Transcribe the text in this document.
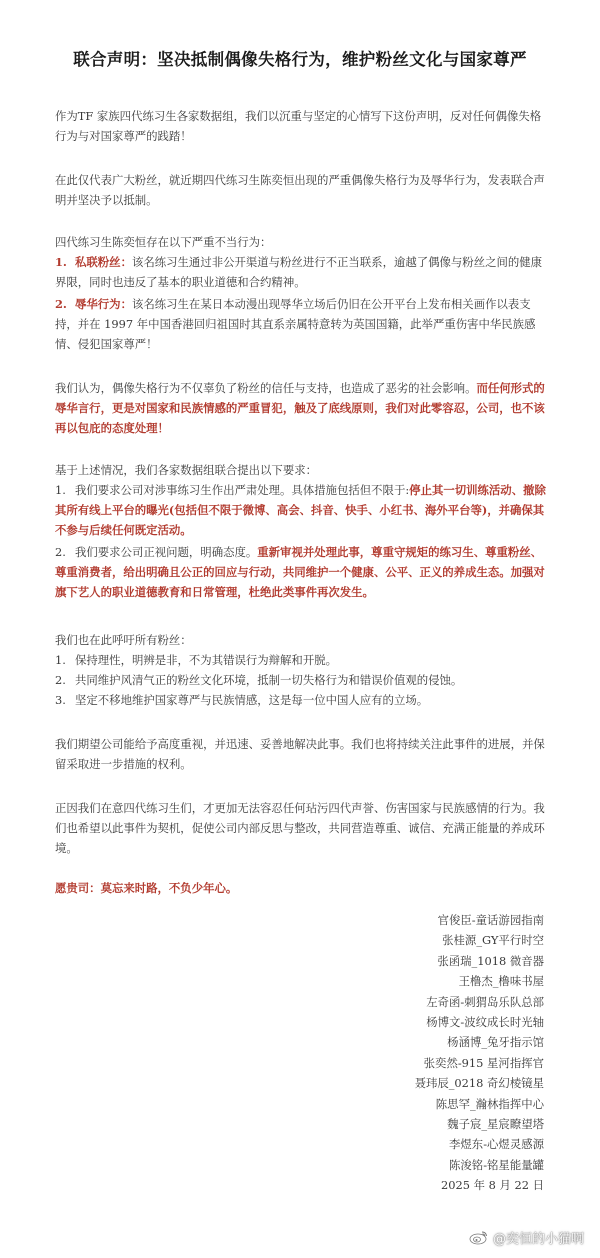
联合声明：坚决抵制偶像失格行为，维护粉丝文化与国家尊严
作为TF 家族四代练习生各家数据组，我们以沉重与坚定的心情写下这份声明，反对任何偶像失格行为与对国家尊严的践踏！
在此仅代表广大粉丝，就近期四代练习生陈奕恒出现的严重偶像失格行为及辱华行为，发表联合声明并坚决予以抵制。
四代练习生陈奕恒存在以下严重不当行为：
1. 私联粉丝：该名练习生通过非公开渠道与粉丝进行不正当联系，逾越了偶像与粉丝之间的健康界限，同时也违反了基本的职业道德和合约精神。
2. 辱华行为：该名练习生在某日本动漫出现辱华立场后仍旧在公开平台上发布相关画作以表支持，并在 1997 年中国香港回归祖国时其直系亲属特意转为英国国籍，此举严重伤害中华民族感情、侵犯国家尊严！
我们认为，偶像失格行为不仅辜负了粉丝的信任与支持，也造成了恶劣的社会影响。而任何形式的辱华言行，更是对国家和民族情感的严重冒犯，触及了底线原则，我们对此零容忍，公司，也不该再以包庇的态度处理！
基于上述情况，我们各家数据组联合提出以下要求：
1. 我们要求公司对涉事练习生作出严肃处理。具体措施包括但不限于:停止其一切训练活动、撤除其所有线上平台的曝光(包括但不限于微博、高会、抖音、快手、小红书、海外平台等)，并确保其不参与后续任何既定活动。
2. 我们要求公司正视问题，明确态度。重新审视并处理此事，尊重守规矩的练习生、尊重粉丝、尊重消费者，给出明确且公正的回应与行动，共同维护一个健康、公平、正义的养成生态。加强对旗下艺人的职业道德教育和日常管理，杜绝此类事件再次发生。
我们也在此呼吁所有粉丝：
1. 保持理性，明辨是非，不为其错误行为辩解和开脱。
2. 共同维护风清气正的粉丝文化环境，抵制一切失格行为和错误价值观的侵蚀。
3. 坚定不移地维护国家尊严与民族情感，这是每一位中国人应有的立场。
我们期望公司能给予高度重视，并迅速、妥善地解决此事。我们也将持续关注此事件的进展，并保留采取进一步措施的权利。
正因我们在意四代练习生们，才更加无法容忍任何玷污四代声誉、伤害国家与民族感情的行为。我们也希望以此事件为契机，促使公司内部反思与整改，共同营造尊重、诚信、充满正能量的养成环境。
愿贵司：莫忘来时路，不负少年心。
官俊臣-童话游园指南
张桂源_GY平行时空
张函瑞_1018 微音器
王橹杰_橹味书屋
左奇函-刺猬岛乐队总部
杨博文-波纹成长时光轴
杨涵博_兔牙指示馆
张奕然-915 星河指挥官
聂玮辰_0218 奇幻棱镜星
陈思罕_瀚林指挥中心
魏子宸_星宸瞭望塔
李煜东-心煜灵感源
陈浚铭-铭星能量罐
2025 年 8 月 22 日
@奕恒的小猫啊
